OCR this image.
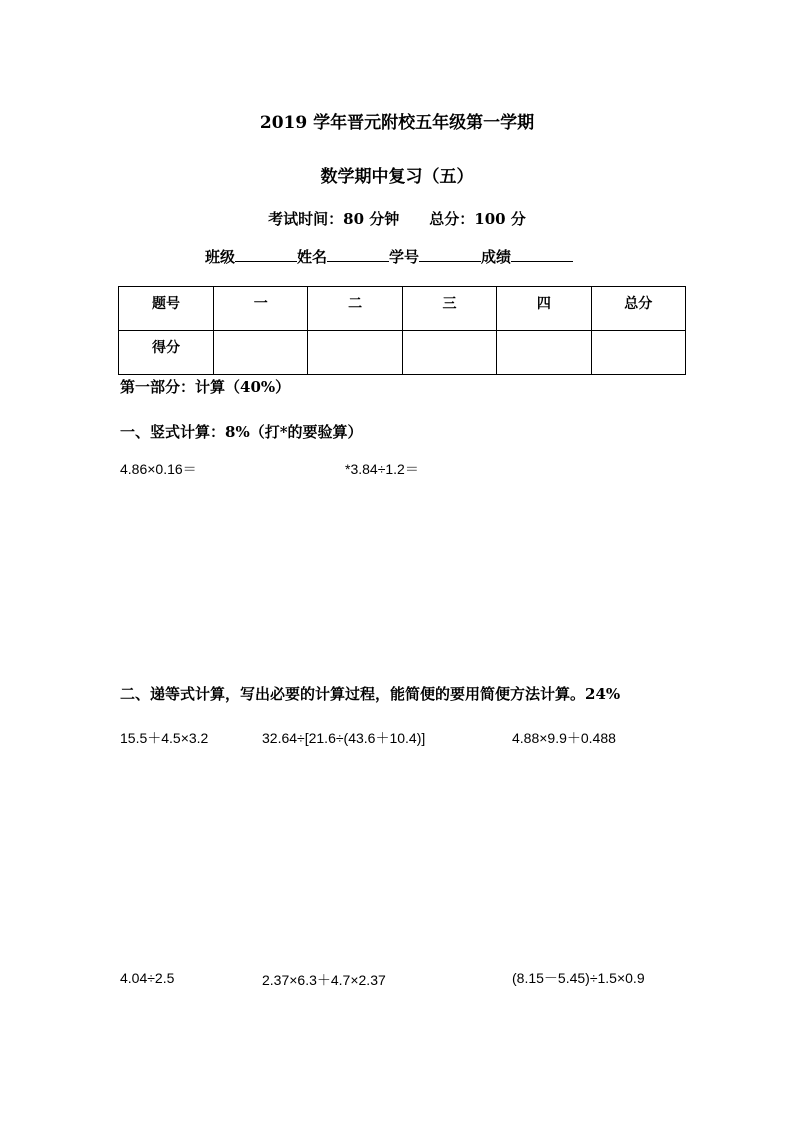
2019 学年晋元附校五年级第一学期
数学期中复习（五）
考试时间：80 分钟　　总分：100 分
班级	姓名	学号	成绩
题号	一	二	三	四	总分
得分					
第一部分：计算（40%）
一、竖式计算：8%（打*的要验算）
4.86×0.16＝	*3.84÷1.2＝
二、递等式计算，写出必要的计算过程，能简便的要用简便方法计算。24%
15.5＋4.5×3.2	32.64÷[21.6÷(43.6＋10.4)]	4.88×9.9＋0.488
4.04÷2.5	2.37×6.3＋4.7×2.37	(8.15－5.45)÷1.5×0.9
